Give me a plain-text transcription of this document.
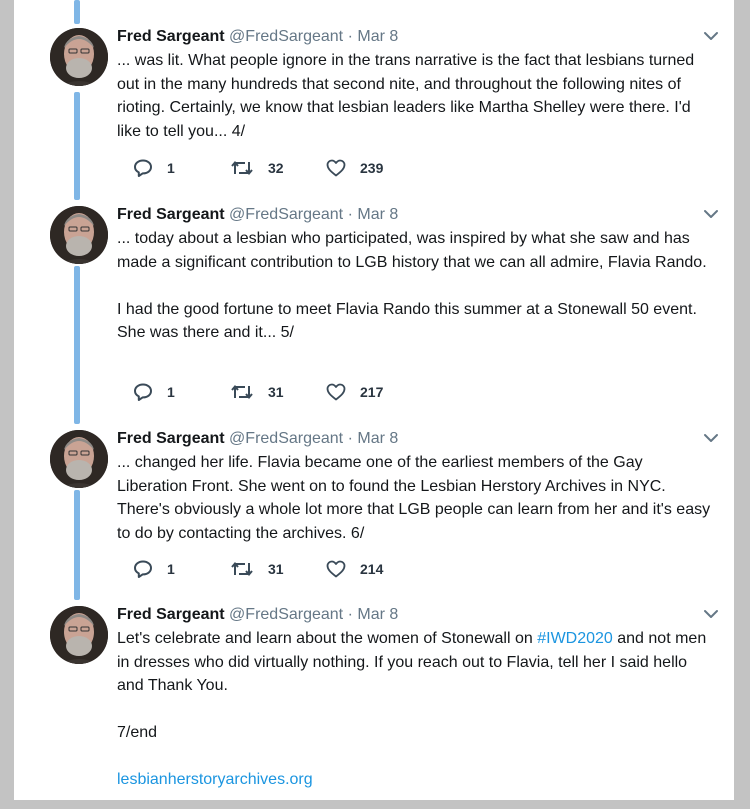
Fred Sargeant @FredSargeant · Mar 8
... was lit. What people ignore in the trans narrative is the fact that lesbians turned out in the many hundreds that second nite, and throughout the following nites of rioting. Certainly, we know that lesbian leaders like Martha Shelley were there. I'd like to tell you... 4/
1	32	239
Fred Sargeant @FredSargeant · Mar 8
... today about a lesbian who participated, was inspired by what she saw and has made a significant contribution to LGB history that we can all admire, Flavia Rando.

I had the good fortune to meet Flavia Rando this summer at a Stonewall 50 event. She was there and it... 5/
1	31	217
Fred Sargeant @FredSargeant · Mar 8
... changed her life. Flavia became one of the earliest members of the Gay Liberation Front. She went on to found the Lesbian Herstory Archives in NYC. There's obviously a whole lot more that LGB people can learn from her and it's easy to do by contacting the archives. 6/
1	31	214
Fred Sargeant @FredSargeant · Mar 8
Let's celebrate and learn about the women of Stonewall on #IWD2020 and not men in dresses who did virtually nothing. If you reach out to Flavia, tell her I said hello and Thank You.

7/end

lesbianherstoryarchives.org
